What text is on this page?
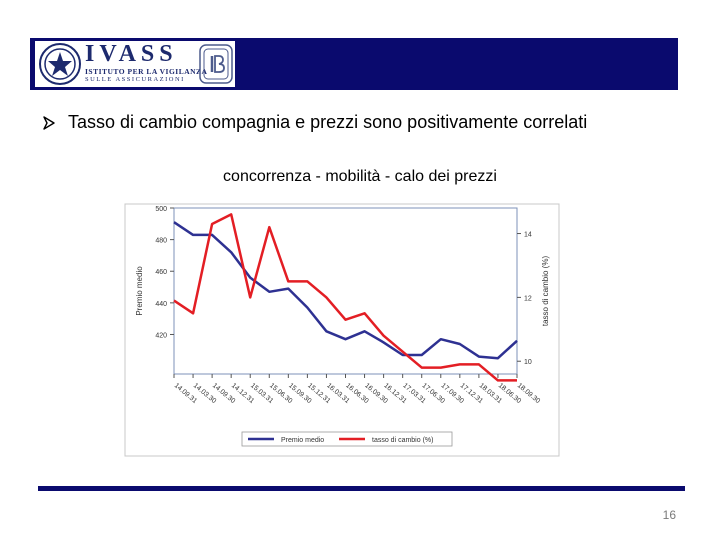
IVASS
ISTITUTO PER LA VIGILANZA
SULLE ASSICURAZIONI
Tasso di cambio compagnia e prezzi sono positivamente correlati
concorrenza - mobilità - calo dei prezzi
500
480
460
440
420
14
12
10
Premio medio	tasso di cambio (%)
14.09.31
14.03.30
14.09.30
14.12.31
15.03.31
15.06.30
15.09.30
15.12.31
16.03.31
16.06.30
16.09.30
16.12.31
17.03.31
17.06.30
17.09.30
17.12.31
18.03.31
18.06.30
18.09.30
Premio medio	tasso di cambio (%)
16
